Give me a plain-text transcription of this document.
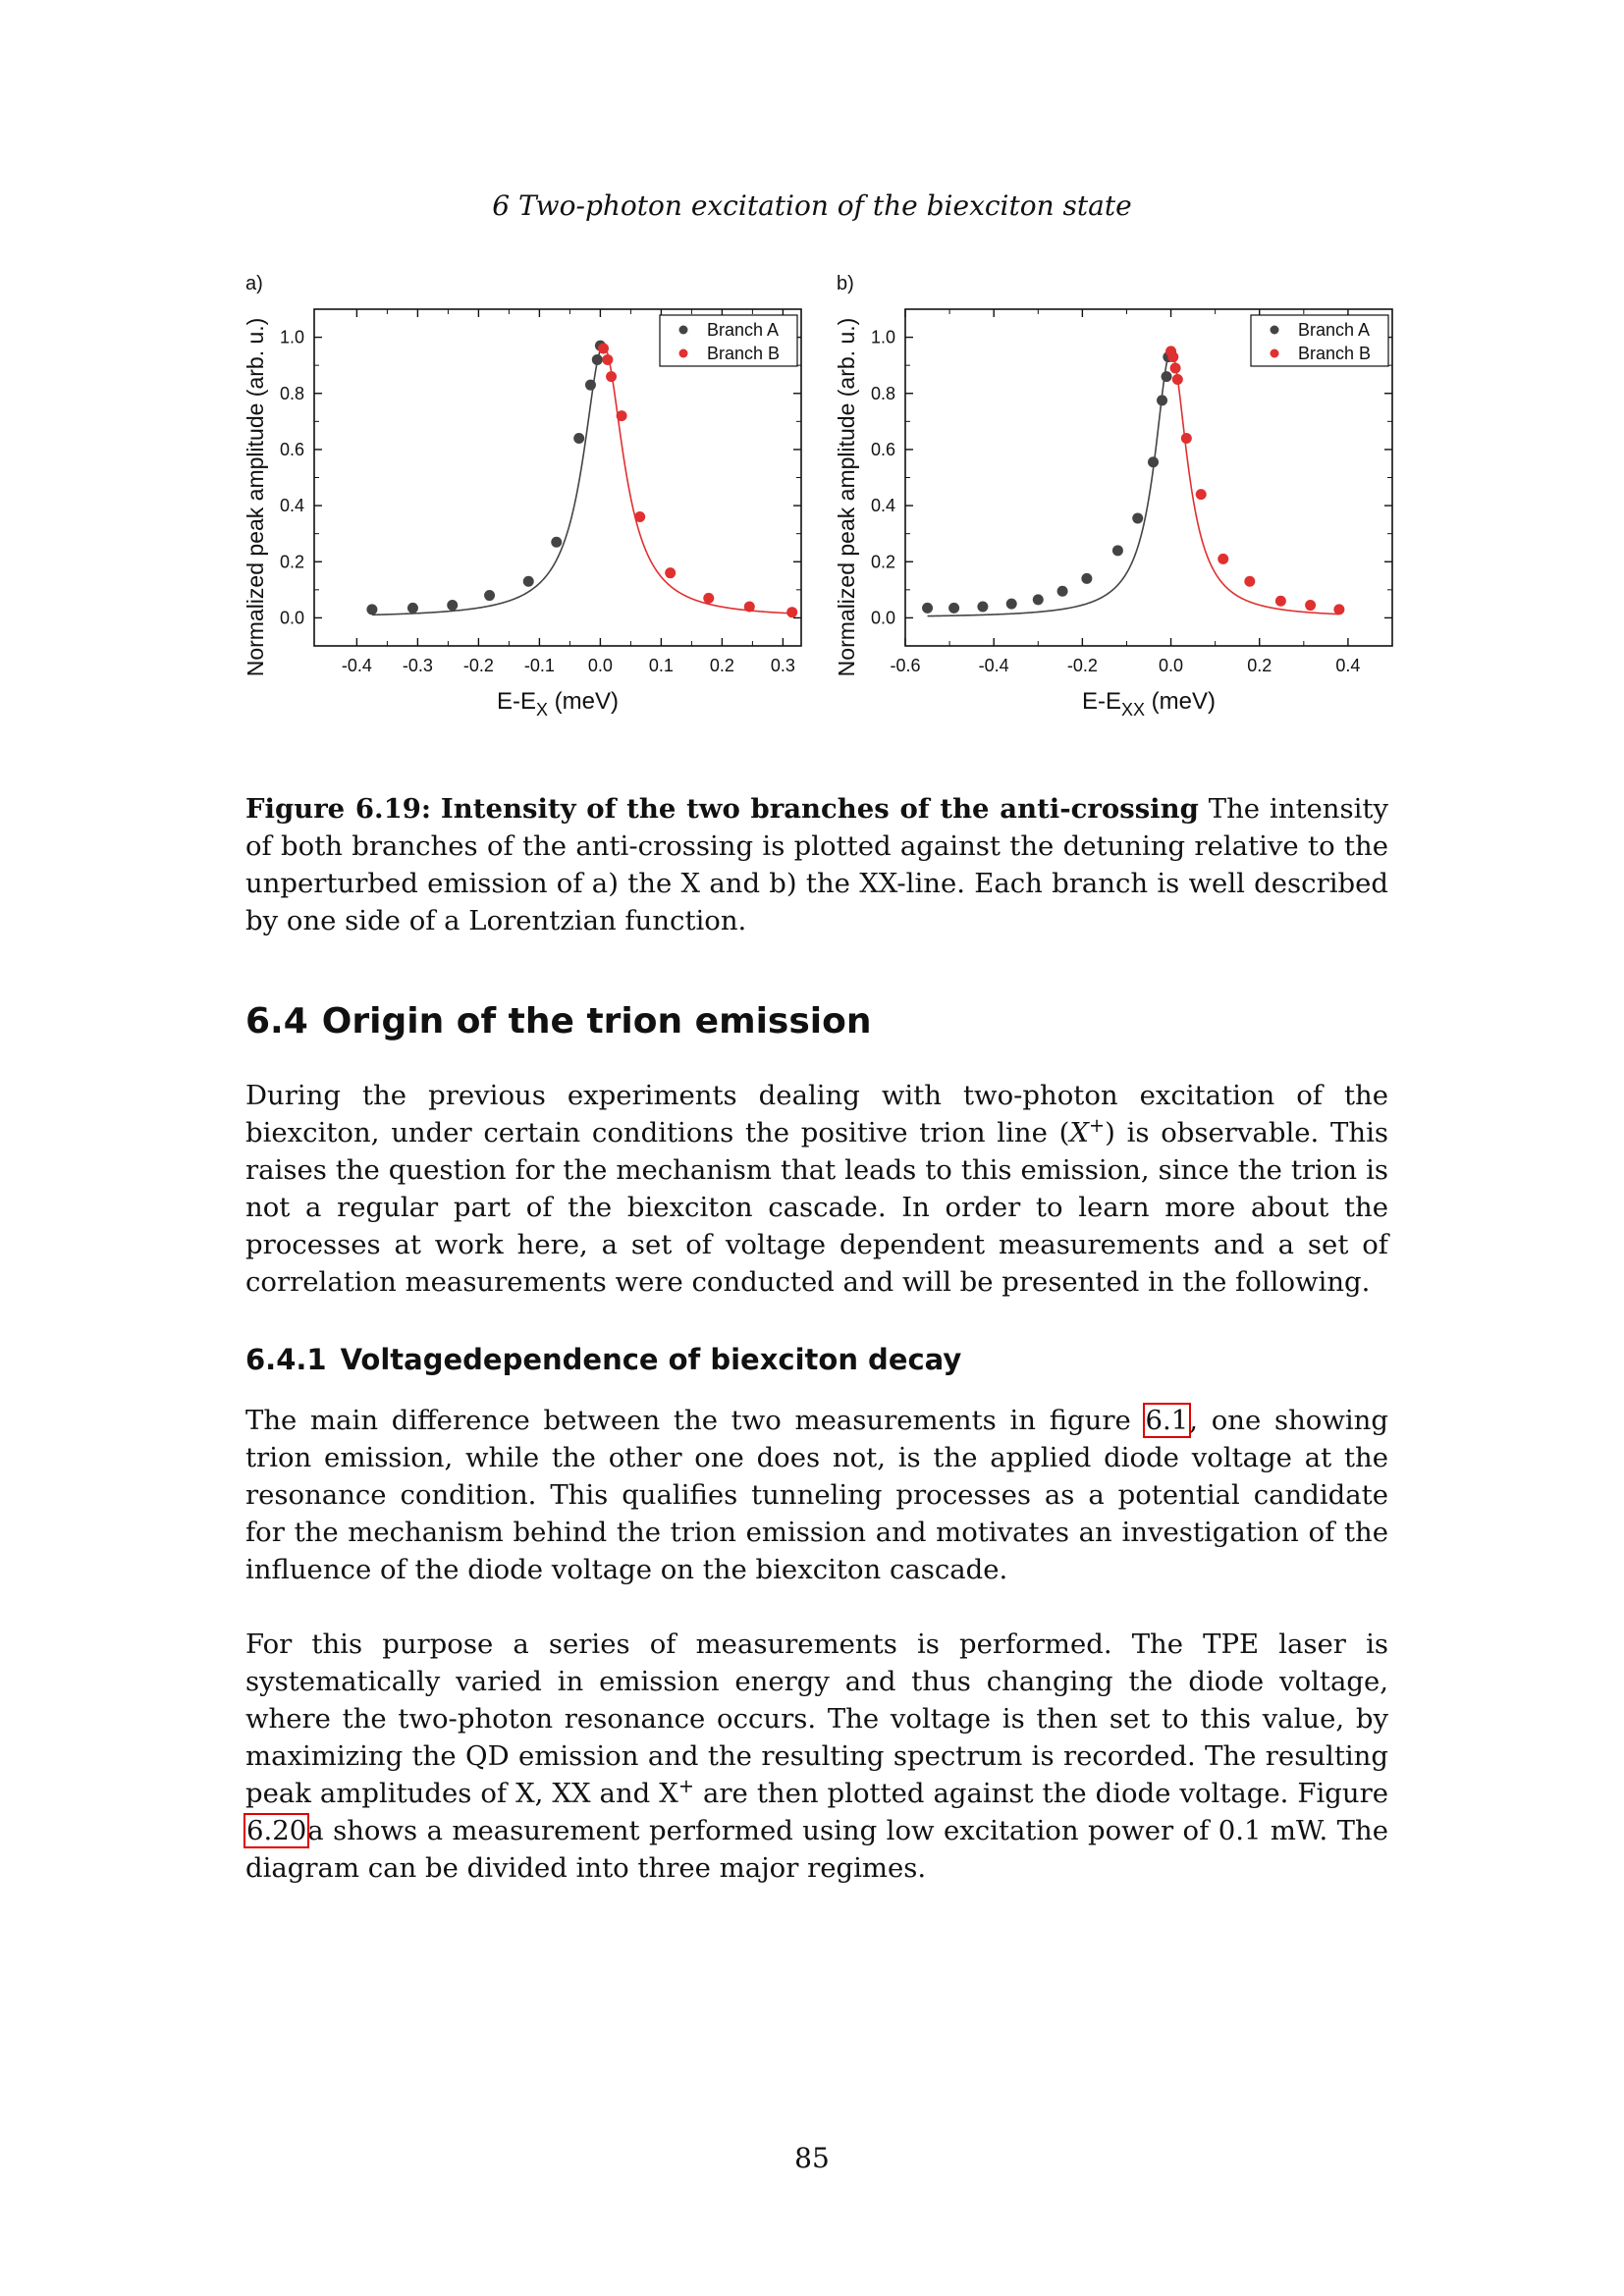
6 Two-photon excitation of the biexciton state
a)
0.0
0.2
0.4
0.6
0.8
1.0
-0.4 -0.3 -0.2 -0.1 0.0 0.1 0.2 0.3
$E-E_X$ (meV)
Normalized peak amplitude (arb. u.)	Branch A
Branch B
b)
0.0
0.2
0.4
0.6
0.8
1.0
-0.6	-0.4	-0.2	0.0	0.2	0.4
$E-E_{XX}$ (meV)
Normalized peak amplitude (arb. u.)	Branch A
Branch B
Figure 6.19: Intensity of the two branches of the anti-crossing The intensity of both branches of the anti-crossing is plotted against the detuning relative to the unperturbed emission of a) the X and b) the XX-line. Each branch is well described by one side of a Lorentzian function.
6.4 Origin of the trion emission

During the previous experiments dealing with two-photon excitation of the biexciton, under certain conditions the positive trion line (X+) is observable. This raises the question for the mechanism that leads to this emission, since the trion is not a regular part of the biexciton cascade. In order to learn more about the processes at work here, a set of voltage dependent measurements and a set of correlation measurements were conducted and will be presented in the following.

6.4.1 Voltagedependence of biexciton decay

The main difference between the two measurements in figure 6.1, one showing trion emission, while the other one does not, is the applied diode voltage at the resonance condition. This qualifies tunneling processes as a potential candidate for the mechanism behind the trion emission and motivates an investigation of the influence of the diode voltage on the biexciton cascade.

For this purpose a series of measurements is performed. The TPE laser is systematically varied in emission energy and thus changing the diode voltage, where the two-photon resonance occurs. The voltage is then set to this value, by maximizing the QD emission and the resulting spectrum is recorded. The resulting peak amplitudes of X, XX and X+ are then plotted against the diode voltage. Figure 6.20a shows a measurement performed using low excitation power of 0.1 mW. The diagram can be divided into three major regimes.

85
